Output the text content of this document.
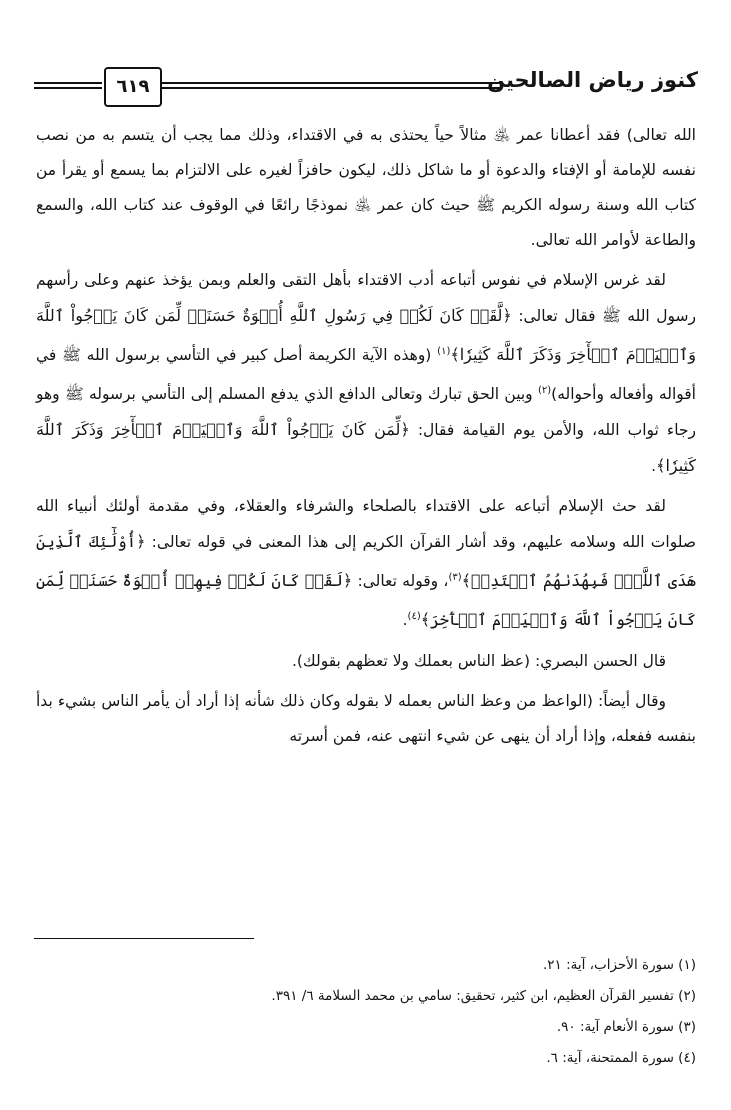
كنوز رياض الصالحين
٦١٩

الله تعالى) فقد أعطانا عمر ﵁ مثالاً حياً يحتذى به في الاقتداء، وذلك مما يجب أن يتسم به من نصب نفسه للإمامة أو الإفتاء والدعوة أو ما شاكل ذلك، ليكون حافزاً لغيره على الالتزام بما يسمع أو يقرأ من كتاب الله وسنة رسوله الكريم ﷺ حيث كان عمر ﵁ نموذجًا رائعًا في الوقوف عند كتاب الله، والسمع والطاعة لأوامر الله تعالى.

لقد غرس الإسلام في نفوس أتباعه أدب الاقتداء بأهل التقى والعلم وبمن يؤخذ عنهم وعلى رأسهم رسول الله ﷺ فقال تعالى: ﴿لَّقَدۡ كَانَ لَكُمۡ فِي رَسُولِ ٱللَّهِ أُسۡوَةٌ حَسَنَةٞ لِّمَن كَانَ يَرۡجُواْ ٱللَّهَ وَٱلۡيَوۡمَ ٱلۡأٓخِرَ وَذَكَرَ ٱللَّهَ كَثِيرٗا﴾$^{(١)}$ (وهذه الآية الكريمة أصل كبير في التأسي برسول الله ﷺ في أقواله وأفعاله وأحواله)$^{(٢)}$ وبين الحق تبارك وتعالى الدافع الذي يدفع المسلم إلى التأسي برسوله ﷺ وهو رجاء ثواب الله، والأمن يوم القيامة فقال: ﴿لِّمَن كَانَ يَرۡجُواْ ٱللَّهَ وَٱلۡيَوۡمَ ٱلۡأٓخِرَ وَذَكَرَ ٱللَّهَ كَثِيرٗا﴾.

لقد حث الإسلام أتباعه على الاقتداء بالصلحاء والشرفاء والعقلاء، وفي مقدمة أولئك أنبياء الله صلوات الله وسلامه عليهم، وقد أشار القرآن الكريم إلى هذا المعنى في قوله تعالى: ﴿أُوْلَٰٓئِكَ ٱلَّذِينَ هَدَى ٱللَّهُۖ فَبِهُدَىٰهُمُ ٱقۡتَدِهۡ﴾$^{(٣)}$، وقوله تعالى: ﴿لَقَدۡ كَانَ لَكُمۡ فِيهِمۡ أُسۡوَةٌ حَسَنَةٞ لِّمَن كَانَ يَرۡجُواْ ٱللَّهَ وَٱلۡيَوۡمَ ٱلۡأٓخِرَ﴾$^{(٤)}$.

قال الحسن البصري: (عظ الناس بعملك ولا تعظهم بقولك).

وقال أيضاً: (الواعظ من وعظ الناس بعمله لا بقوله وكان ذلك شأنه إذا أراد أن يأمر الناس بشيء بدأ بنفسه ففعله، وإذا أراد أن ينهى عن شيء انتهى عنه، فمن أسرته

(١) سورة الأحزاب، آية: ٢١.
(٢) تفسير القرآن العظيم، ابن كثير، تحقيق: سامي بن محمد السلامة ٦/ ٣٩١.
(٣) سورة الأنعام آية: ٩٠.
(٤) سورة الممتحنة، آية: ٦.
